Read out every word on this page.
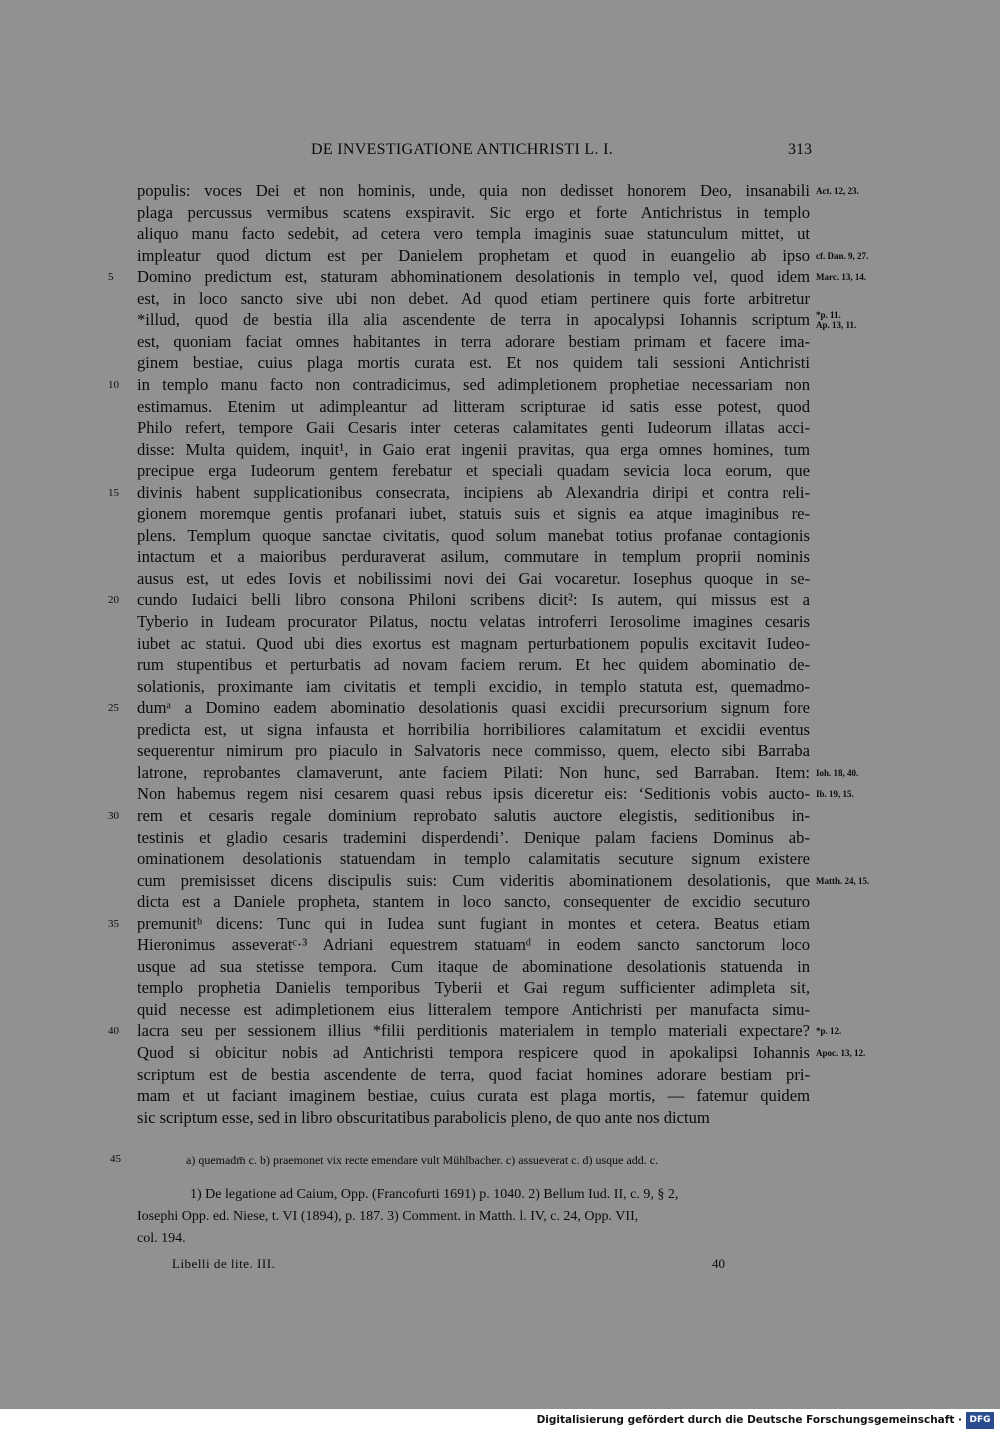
DE INVESTIGATIONE ANTICHRISTI L. I.	313
populis: voces Dei et non hominis, unde, quia non dedisset honorem Deo, insanabili
plaga percussus vermibus scatens exspiravit. Sic ergo et forte Antichristus in templo
aliquo manu facto sedebit, ad cetera vero templa imaginis suae statunculum mittet, ut
impleatur quod dictum est per Danielem prophetam et quod in euangelio ab ipso
Domino predictum est, staturam abhominationem desolationis in templo vel, quod idem
est, in loco sancto sive ubi non debet. Ad quod etiam pertinere quis forte arbitretur
*illud, quod de bestia illa alia ascendente de terra in apocalypsi Iohannis scriptum
est, quoniam faciat omnes habitantes in terra adorare bestiam primam et facere ima-
ginem bestiae, cuius plaga mortis curata est. Et nos quidem tali sessioni Antichristi
in templo manu facto non contradicimus, sed adimpletionem prophetiae necessariam non
estimamus. Etenim ut adimpleantur ad litteram scripturae id satis esse potest, quod
Philo refert, tempore Gaii Cesaris inter ceteras calamitates genti Iudeorum illatas acci-
disse: Multa quidem, inquit¹, in Gaio erat ingenii pravitas, qua erga omnes homines, tum
precipue erga Iudeorum gentem ferebatur et speciali quadam sevicia loca eorum, que
divinis habent supplicationibus consecrata, incipiens ab Alexandria diripi et contra reli-
gionem moremque gentis profanari iubet, statuis suis et signis ea atque imaginibus re-
plens. Templum quoque sanctae civitatis, quod solum manebat totius profanae contagionis
intactum et a maioribus perduraverat asilum, commutare in templum proprii nominis
ausus est, ut edes Iovis et nobilissimi novi dei Gai vocaretur. Iosephus quoque in se-
cundo Iudaici belli libro consona Philoni scribens dicit²: Is autem, qui missus est a
Tyberio in Iudeam procurator Pilatus, noctu velatas introferri Ierosolime imagines cesaris
iubet ac statui. Quod ubi dies exortus est magnam perturbationem populis excitavit Iudeo-
rum stupentibus et perturbatis ad novam faciem rerum. Et hec quidem abominatio de-
solationis, proximante iam civitatis et templi excidio, in templo statuta est, quemadmo-
dumᵃ a Domino eadem abominatio desolationis quasi excidii precursorium signum fore
predicta est, ut signa infausta et horribilia horribiliores calamitatum et excidii eventus
sequerentur nimirum pro piaculo in Salvatoris nece commisso, quem, electo sibi Barraba
latrone, reprobantes clamaverunt, ante faciem Pilati: Non hunc, sed Barraban. Item:
Non habemus regem nisi cesarem quasi rebus ipsis diceretur eis: ‘Seditionis vobis aucto-
rem et cesaris regale dominium reprobato salutis auctore elegistis, seditionibus in-
testinis et gladio cesaris trademini disperdendi’. Denique palam faciens Dominus ab-
ominationem desolationis statuendam in templo calamitatis secuture signum existere
cum premisisset dicens discipulis suis: Cum videritis abominationem desolationis, que
dicta est a Daniele propheta, stantem in loco sancto, consequenter de excidio secuturo
premunitᵇ dicens: Tunc qui in Iudea sunt fugiant in montes et cetera. Beatus etiam
Hieronimus asseveratᶜ·³ Adriani equestrem statuamᵈ in eodem sancto sanctorum loco
usque ad sua stetisse tempora. Cum itaque de abominatione desolationis statuenda in
templo prophetia Danielis temporibus Tyberii et Gai regum sufficienter adimpleta sit,
quid necesse est adimpletionem eius litteralem tempore Antichristi per manufacta simu-
lacra seu per sessionem illius *filii perditionis materialem in templo materiali expectare?
Quod si obicitur nobis ad Antichristi tempora respicere quod in apokalipsi Iohannis
scriptum est de bestia ascendente de terra, quod faciat homines adorare bestiam pri-
mam et ut faciant imaginem bestiae, cuius curata est plaga mortis, — fatemur quidem
sic scriptum esse, sed in libro obscuritatibus parabolicis pleno, de quo ante nos dictum
5
10
15
20
25
30
35
40
Act. 12, 23.
cf. Dan. 9, 27.
Marc. 13, 14.
*p. 11.
Ap. 13, 11.
Ioh. 18, 40.
Ib. 19, 15.
Matth. 24, 15.
*p. 12.
Apoc. 13, 12.
45	a) quemadm̄ c. b) praemonet vix recte emendare vult Mühlbacher. c) assueverat c. d) usque add. c.
1) De legatione ad Caium, Opp. (Francofurti 1691) p. 1040. 2) Bellum Iud. II, c. 9, § 2,
Iosephi Opp. ed. Niese, t. VI (1894), p. 187. 3) Comment. in Matth. l. IV, c. 24, Opp. VII,
col. 194.
Libelli de lite. III.	40
Digitalisierung gefördert durch die Deutsche Forschungsgemeinschaft · DFG
